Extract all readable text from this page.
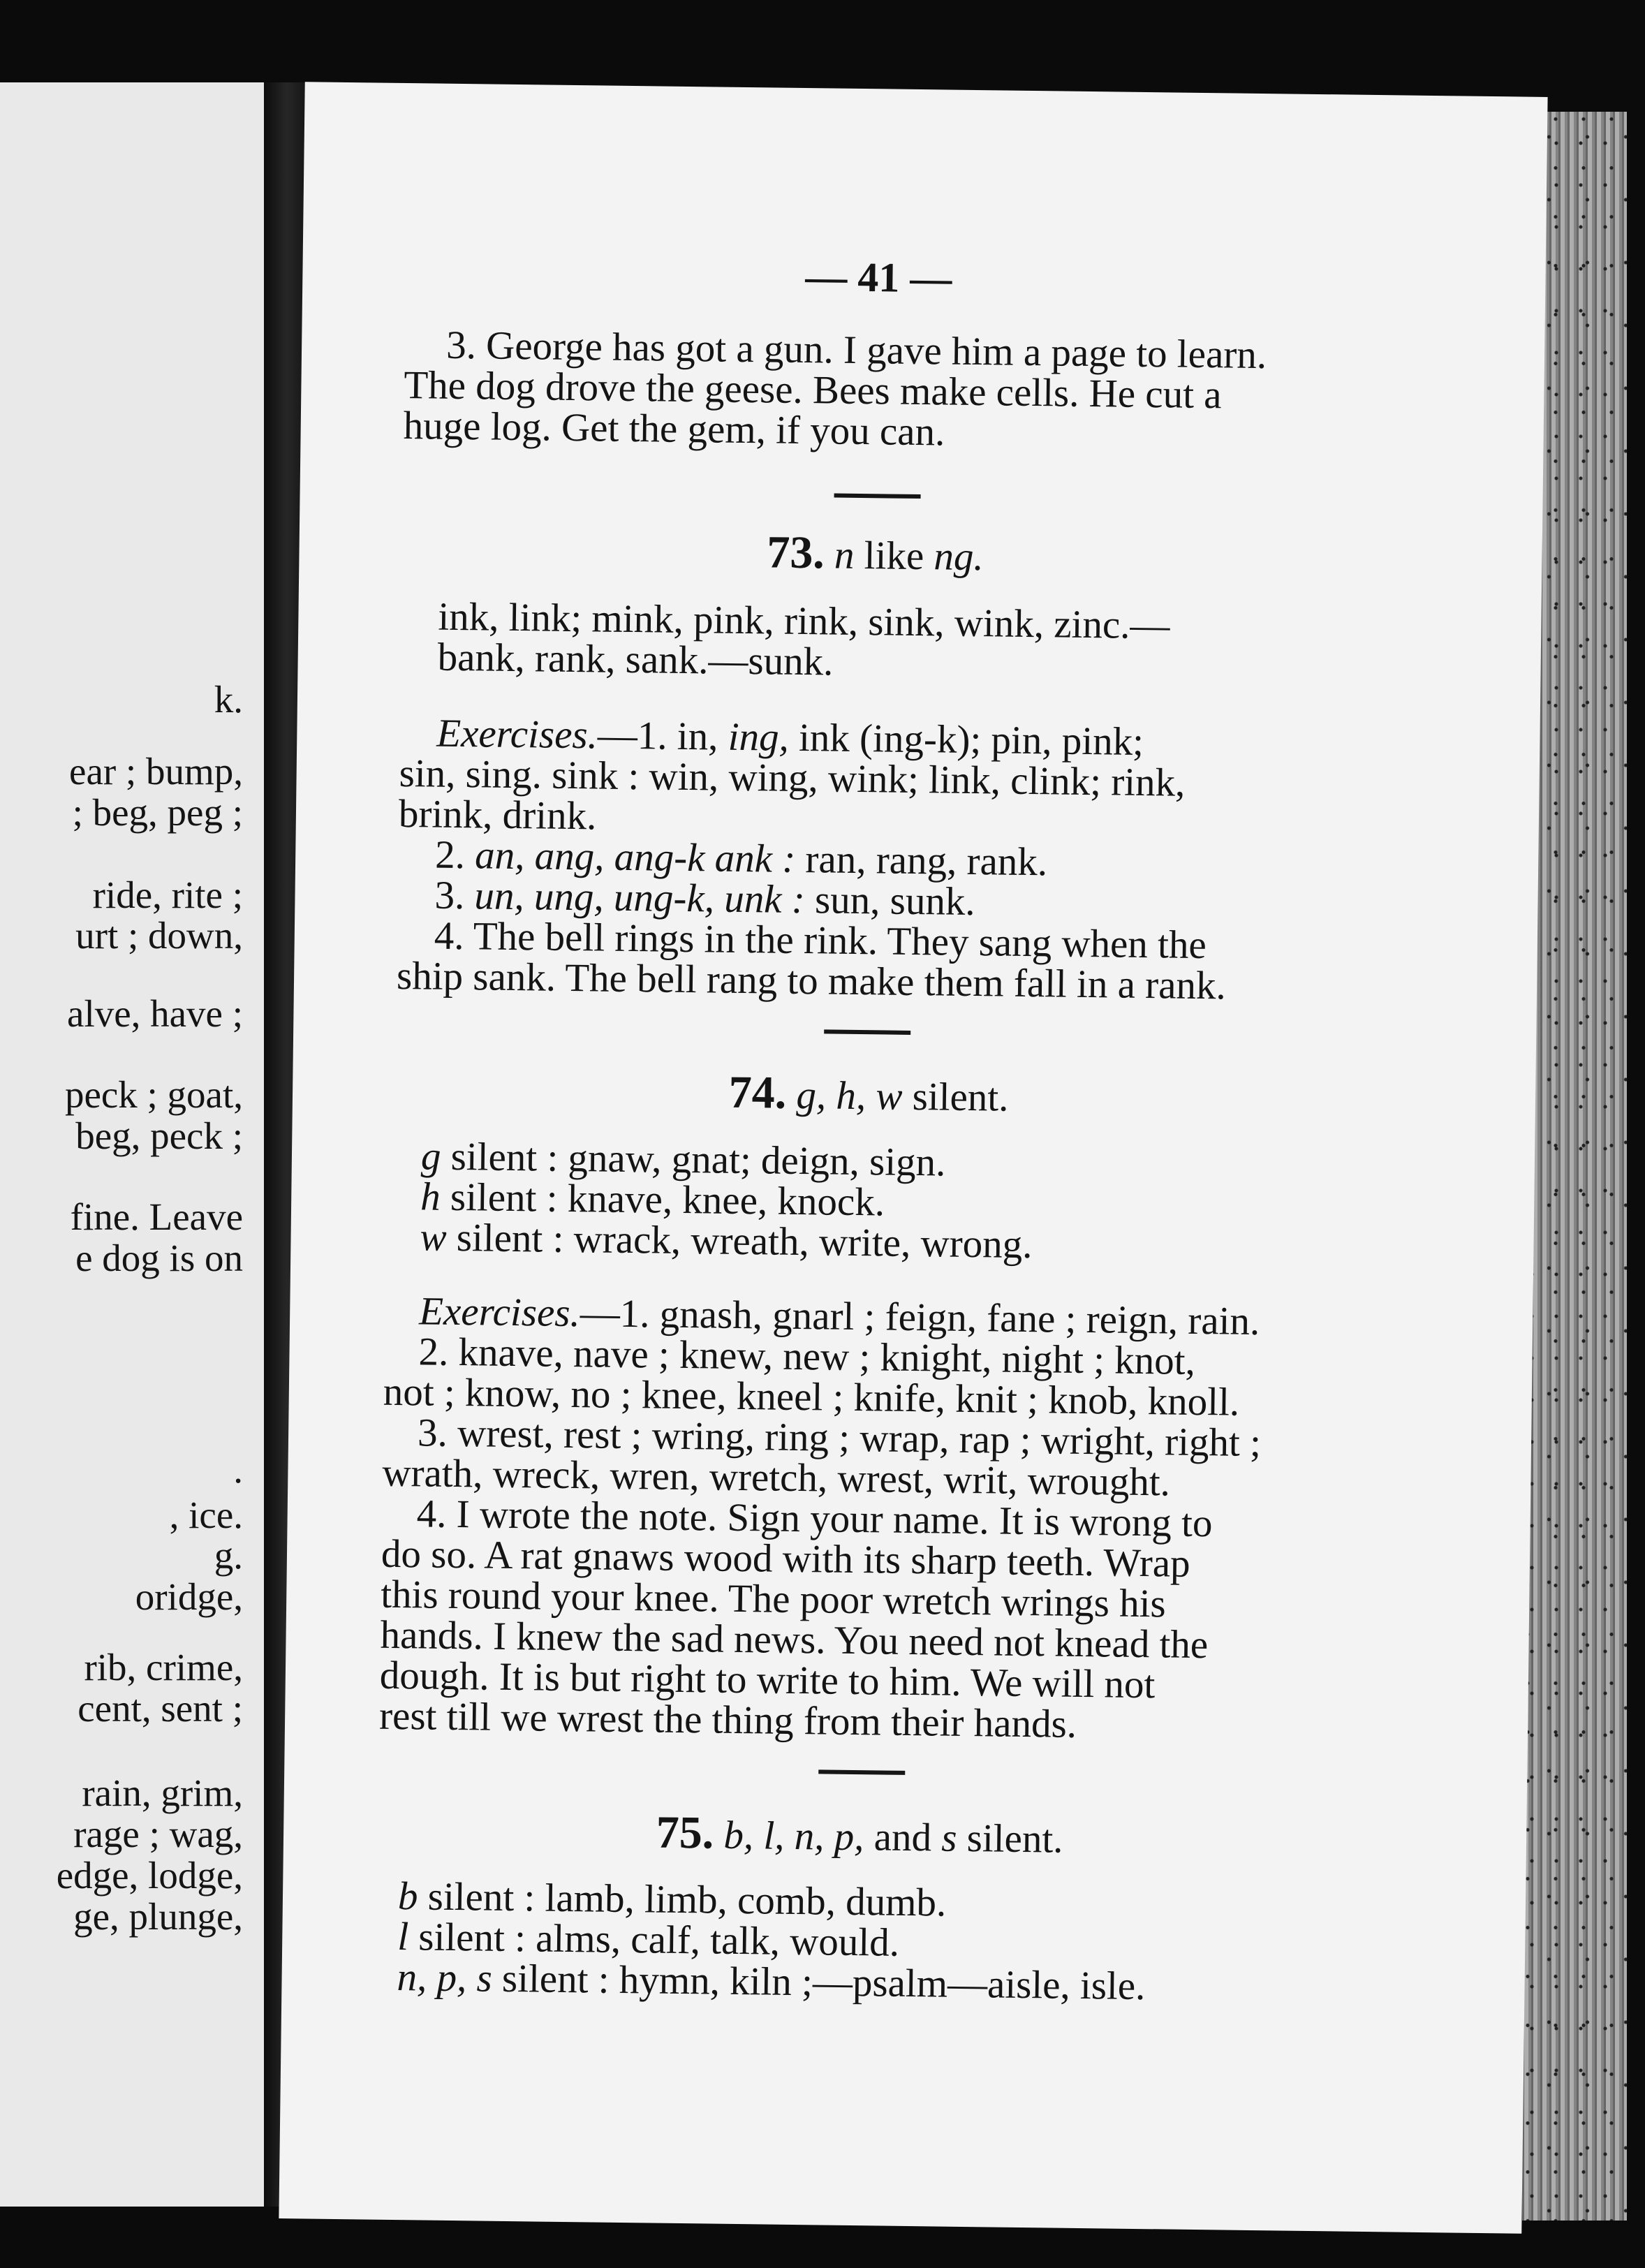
k.
ear ; bump,
; beg, peg ;
ride, rite ;
urt ; down,
alve, have ;
peck ; goat,
beg, peck ;
fine. Leave
e dog is on
.
, ice.
g.
oridge,
rib, crime,
cent, sent ;
rain, grim,
rage ; wag,
edge, lodge,
ge, plunge,
— 41 —
3. George has got a gun. I gave him a page to learn.
The dog drove the geese. Bees make cells. He cut a
huge log. Get the gem, if you can.
73. n like ng.
ink, link; mink, pink, rink, sink, wink, zinc.—
bank, rank, sank.—sunk.
Exercises.—1. in, ing, ink (ing-k); pin, pink;
sin, sing. sink : win, wing, wink; link, clink; rink,
brink, drink.
2. an, ang, ang-k ank : ran, rang, rank.
3. un, ung, ung-k, unk : sun, sunk.
4. The bell rings in the rink. They sang when the
ship sank. The bell rang to make them fall in a rank.
74. g, h, w silent.
g silent : gnaw, gnat; deign, sign.
h silent : knave, knee, knock.
w silent : wrack, wreath, write, wrong.
Exercises.—1. gnash, gnarl ; feign, fane ; reign, rain.
2. knave, nave ; knew, new ; knight, night ; knot,
not ; know, no ; knee, kneel ; knife, knit ; knob, knoll.
3. wrest, rest ; wring, ring ; wrap, rap ; wright, right ;
wrath, wreck, wren, wretch, wrest, writ, wrought.
4. I wrote the note. Sign your name. It is wrong to
do so. A rat gnaws wood with its sharp teeth. Wrap
this round your knee. The poor wretch wrings his
hands. I knew the sad news. You need not knead the
dough. It is but right to write to him. We will not
rest till we wrest the thing from their hands.
75. b, l, n, p, and s silent.
b silent : lamb, limb, comb, dumb.
l silent : alms, calf, talk, would.
n, p, s silent : hymn, kiln ;—psalm—aisle, isle.
